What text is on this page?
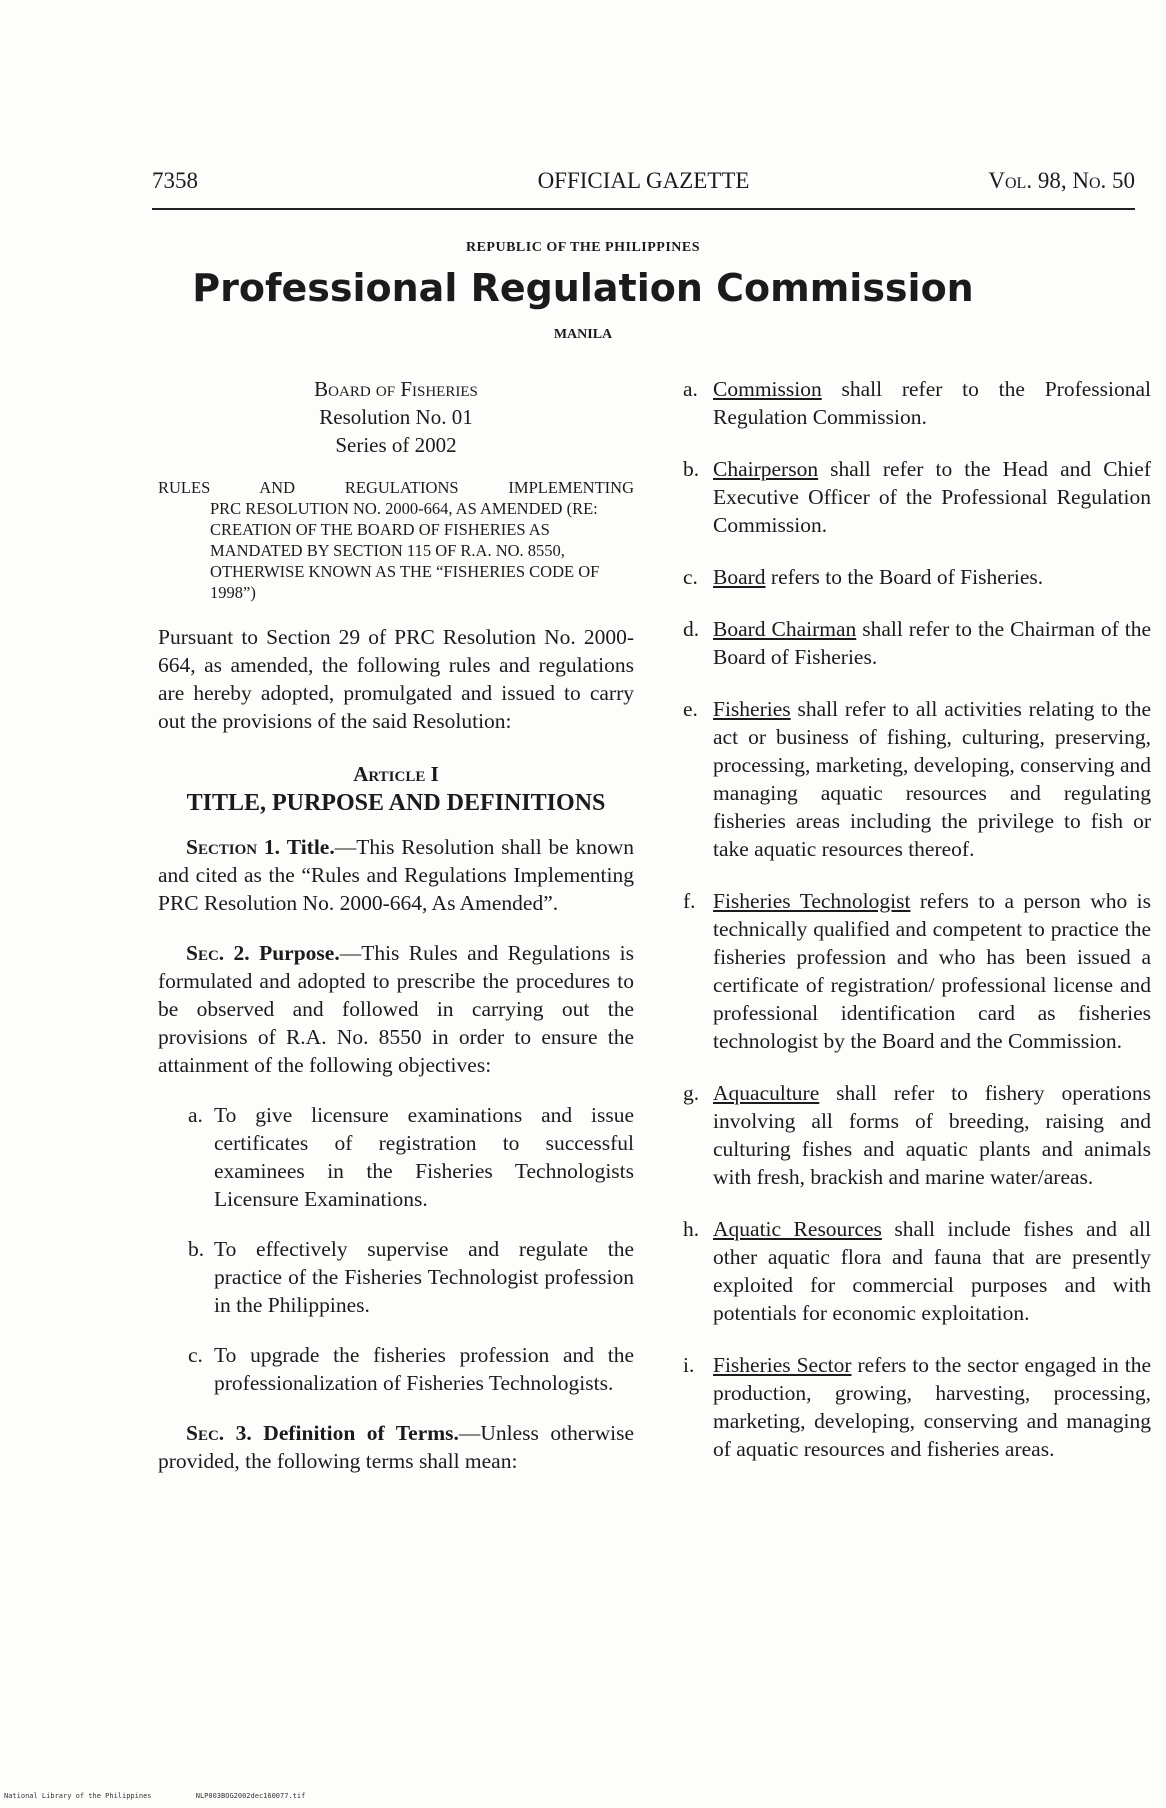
7358	OFFICIAL GAZETTE	Vol. 98, No. 50
REPUBLIC OF THE PHILIPPINES
Professional Regulation Commission
MANILA
Board of Fisheries
Resolution No. 01
Series of 2002
RULES AND REGULATIONS IMPLEMENTING
PRC RESOLUTION NO. 2000-664, AS AMENDED (RE: CREATION OF THE BOARD OF FISHERIES AS MANDATED BY SECTION 115 OF R.A. NO. 8550, OTHERWISE KNOWN AS THE “FISHERIES CODE OF 1998”)

Pursuant to Section 29 of PRC Resolution No. 2000-664, as amended, the following rules and regulations are hereby adopted, promulgated and issued to carry out the provisions of the said Resolution:

Article I
TITLE, PURPOSE AND DEFINITIONS

Section 1. Title.—This Resolution shall be known and cited as the “Rules and Regulations Implementing PRC Resolution No. 2000-664, As Amended”.

Sec. 2. Purpose.—This Rules and Regulations is formulated and adopted to prescribe the procedures to be observed and followed in carrying out the provisions of R.A. No. 8550 in order to ensure the attainment of the following objectives:

a. To give licensure examinations and issue certificates of registration to successful examinees in the Fisheries Technologists Licensure Examinations.

b. To effectively supervise and regulate the practice of the Fisheries Technologist profession in the Philippines.

c. To upgrade the fisheries profession and the professionalization of Fisheries Technologists.

Sec. 3. Definition of Terms.—Unless otherwise provided, the following terms shall mean:

a. Commission shall refer to the Professional Regulation Commission.
b. Chairperson shall refer to the Head and Chief Executive Officer of the Professional Regulation Commission.
c. Board refers to the Board of Fisheries.
d. Board Chairman shall refer to the Chairman of the Board of Fisheries.
e. Fisheries shall refer to all activities relating to the act or business of fishing, culturing, preserving, processing, marketing, developing, conserving and managing aquatic resources and regulating fisheries areas including the privilege to fish or take aquatic resources thereof.
f. Fisheries Technologist refers to a person who is technically qualified and competent to practice the fisheries profession and who has been issued a certificate of registration/ professional license and professional identification card as fisheries technologist by the Board and the Commission.
g. Aquaculture shall refer to fishery operations involving all forms of breeding, raising and culturing fishes and aquatic plants and animals with fresh, brackish and marine water/areas.
h. Aquatic Resources shall include fishes and all other aquatic flora and fauna that are presently exploited for commercial purposes and with potentials for economic exploitation.
i. Fisheries Sector refers to the sector engaged in the production, growing, harvesting, processing, marketing, developing, conserving and managing of aquatic resources and fisheries areas.
National Library of the Philippines	NLP003BOG2002dec160077.tif
